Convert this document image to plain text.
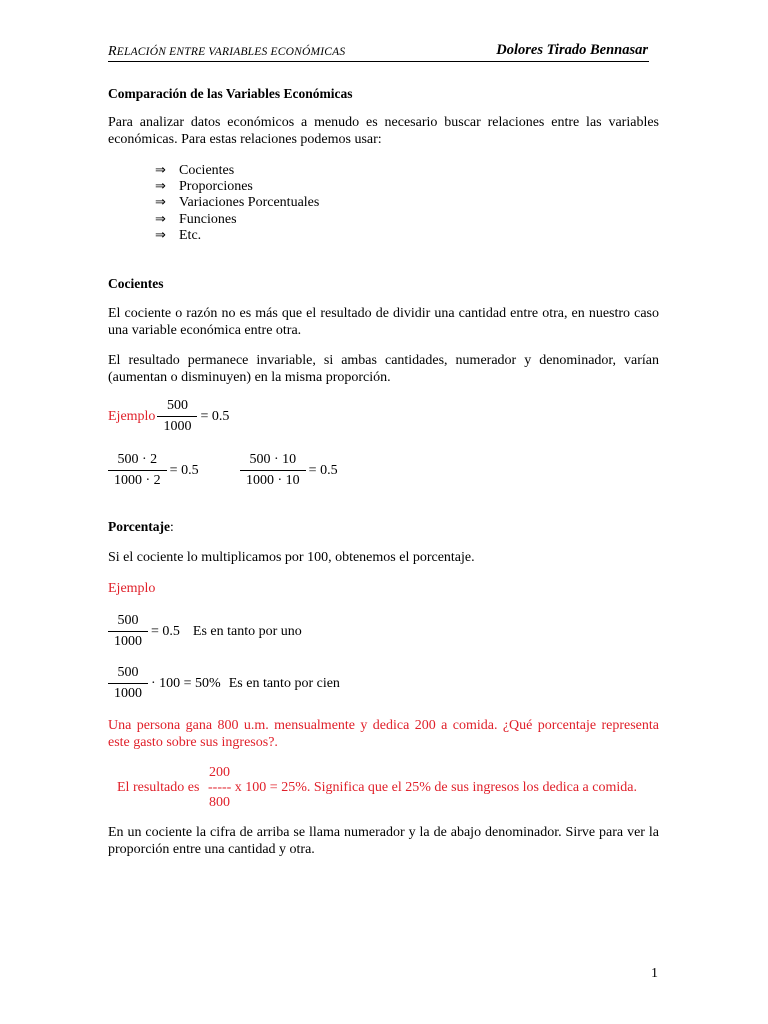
RELACIÓN ENTRE VARIABLES ECONÓMICAS	Dolores Tirado Bennasar
Comparación de las Variables Económicas
Para analizar datos económicos a menudo es necesario buscar relaciones entre las variables económicas. Para estas relaciones podemos usar:
⇒ Cocientes
⇒ Proporciones
⇒ Variaciones Porcentuales
⇒ Funciones
⇒ Etc.
Cocientes
El cociente o razón no es más que el resultado de dividir una cantidad entre otra, en nuestro caso una variable económica entre otra.
El resultado permanece invariable, si ambas cantidades, numerador y denominador, varían (aumentan o disminuyen) en la misma proporción.
Ejemplo $\frac{500}{1000} = 0.5$
$\frac{500 \cdot 2}{1000 \cdot 2} = 0.5$	$\frac{500 \cdot 10}{1000 \cdot 10} = 0.5$
Porcentaje:
Si el cociente lo multiplicamos por 100, obtenemos el porcentaje.
Ejemplo
$\frac{500}{1000} = 0.5$ Es en tanto por uno
$\frac{500}{1000} \cdot 100 = 50\%$ Es en tanto por cien
Una persona gana 800 u.m. mensualmente y dedica 200 a comida. ¿Qué porcentaje representa este gasto sobre sus ingresos?.
200
El resultado es ----- x 100 = 25%. Significa que el 25% de sus ingresos los dedica a comida.
800
En un cociente la cifra de arriba se llama numerador y la de abajo denominador. Sirve para ver la proporción entre una cantidad y otra.
1
